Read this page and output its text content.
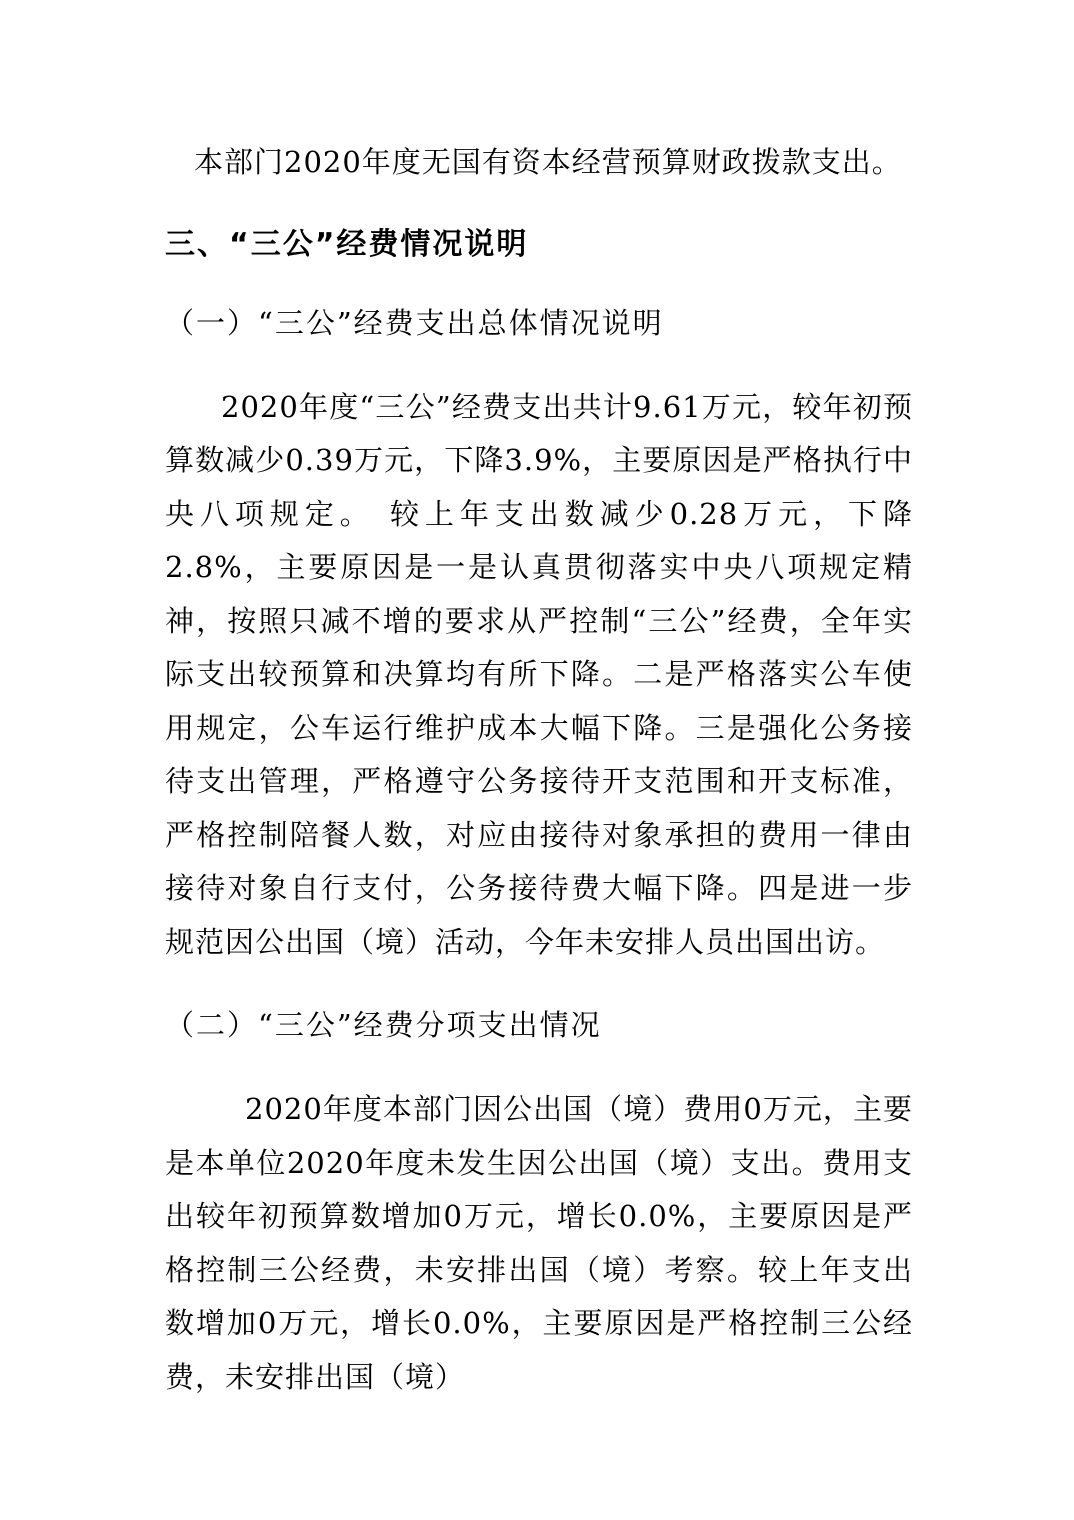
本部门2020年度无国有资本经营预算财政拨款支出。

三、“三公”经费情况说明

（一）“三公”经费支出总体情况说明

2020年度“三公”经费支出共计9.61万元，较年初预算数减少0.39万元，下降3.9%，主要原因是严格执行中央八项规定。 较上年支出数减少0.28万元，下降2.8%，主要原因是一是认真贯彻落实中央八项规定精神，按照只减不增的要求从严控制“三公”经费，全年实际支出较预算和决算均有所下降。二是严格落实公车使用规定，公车运行维护成本大幅下降。三是强化公务接待支出管理，严格遵守公务接待开支范围和开支标准，严格控制陪餐人数，对应由接待对象承担的费用一律由接待对象自行支付，公务接待费大幅下降。四是进一步规范因公出国（境）活动，今年未安排人员出国出访。

（二）“三公”经费分项支出情况

2020年度本部门因公出国（境）费用0万元，主要是本单位2020年度未发生因公出国（境）支出。费用支出较年初预算数增加0万元，增长0.0%，主要原因是严格控制三公经费，未安排出国（境）考察。较上年支出数增加0万元，增长0.0%，主要原因是严格控制三公经费，未安排出国（境）
